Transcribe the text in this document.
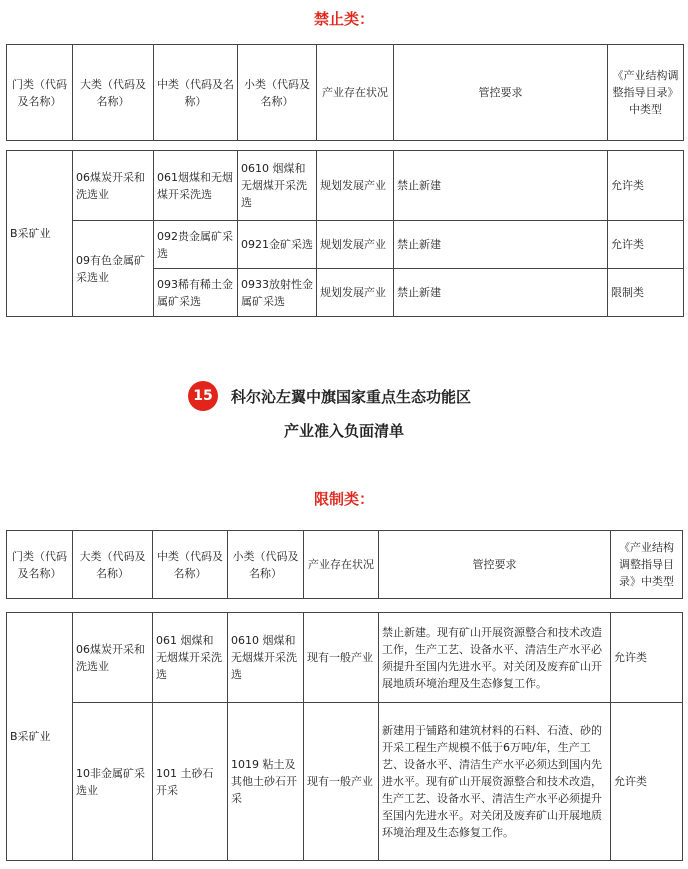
禁止类：
门类（代码及名称）	大类（代码及名称）	中类（代码及名称）	小类（代码及名称）	产业存在状况	管控要求	《产业结构调整指导目录》中类型
B采矿业	06煤炭开采和洗选业	061烟煤和无烟煤开采洗选	0610 烟煤和无烟煤开采洗选	规划发展产业	禁止新建	允许类
	09有色金属矿采选业	092贵金属矿采选	0921金矿采选	规划发展产业	禁止新建	允许类
		093稀有稀土金属矿采选	0933放射性金属矿采选	规划发展产业	禁止新建	限制类
15	科尔沁左翼中旗国家重点生态功能区
产业准入负面清单
限制类：
门类（代码及名称）	大类（代码及名称）	中类（代码及名称）	小类（代码及名称）	产业存在状况	管控要求	《产业结构调整指导目录》中类型
B采矿业	06煤炭开采和洗选业	061 烟煤和无烟煤开采洗选	0610 烟煤和无烟煤开采洗选	现有一般产业	禁止新建。现有矿山开展资源整合和技术改造工作，生产工艺、设备水平、清洁生产水平必须提升至国内先进水平。对关闭及废弃矿山开展地质环境治理及生态修复工作。	允许类
	10非金属矿采选业	101 土砂石开采	1019 粘土及其他土砂石开采	现有一般产业	新建用于铺路和建筑材料的石料、石渣、砂的开采工程生产规模不低于6万吨/年，生产工艺、设备水平、清洁生产水平必须达到国内先进水平。现有矿山开展资源整合和技术改造，生产工艺、设备水平、清洁生产水平必须提升至国内先进水平。对关闭及废弃矿山开展地质环境治理及生态修复工作。	允许类
